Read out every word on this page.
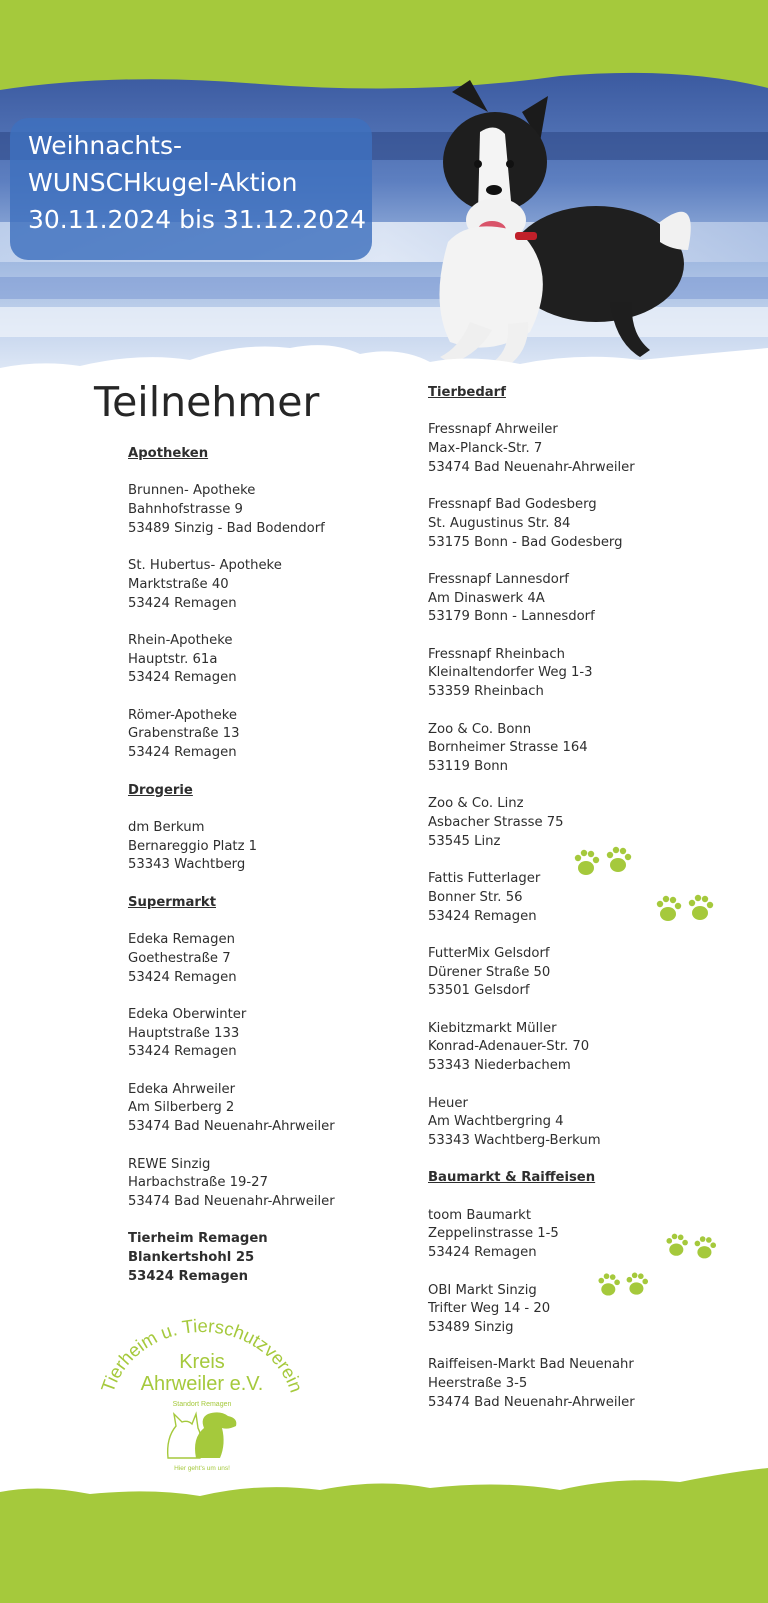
Weihnachts-
WUNSCHkugel-Aktion
30.11.2024 bis 31.12.2024
Teilnehmer
Apotheken
Brunnen- Apotheke
Bahnhofstrasse 9
53489 Sinzig - Bad Bodendorf
St. Hubertus- Apotheke
Marktstraße 40
53424 Remagen
Rhein-Apotheke
Hauptstr. 61a
53424 Remagen
Römer-Apotheke
Grabenstraße 13
53424 Remagen
Drogerie
dm Berkum
Bernareggio Platz 1
53343 Wachtberg
Supermarkt
Edeka Remagen
Goethestraße 7
53424 Remagen
Edeka Oberwinter
Hauptstraße 133
53424 Remagen
Edeka Ahrweiler
Am Silberberg 2
53474 Bad Neuenahr-Ahrweiler
REWE Sinzig
Harbachstraße 19-27
53474 Bad Neuenahr-Ahrweiler
Tierheim Remagen
Blankertshohl 25
53424 Remagen
Tierbedarf
Fressnapf Ahrweiler
Max-Planck-Str. 7
53474 Bad Neuenahr-Ahrweiler
Fressnapf Bad Godesberg
St. Augustinus Str. 84
53175 Bonn - Bad Godesberg
Fressnapf Lannesdorf
Am Dinaswerk 4A
53179 Bonn - Lannesdorf
Fressnapf Rheinbach
Kleinaltendorfer Weg 1-3
53359 Rheinbach
Zoo & Co. Bonn
Bornheimer Strasse 164
53119 Bonn
Zoo & Co. Linz
Asbacher Strasse 75
53545 Linz
Fattis Futterlager
Bonner Str. 56
53424 Remagen
FutterMix Gelsdorf
Dürener Straße 50
53501 Gelsdorf
Kiebitzmarkt Müller
Konrad-Adenauer-Str. 70
53343 Niederbachem
Heuer
Am Wachtbergring 4
53343 Wachtberg-Berkum
Baumarkt & Raiffeisen
toom Baumarkt
Zeppelinstrasse 1-5
53424 Remagen
OBI Markt Sinzig
Trifter Weg 14 - 20
53489 Sinzig
Raiffeisen-Markt Bad Neuenahr
Heerstraße 3-5
53474 Bad Neuenahr-Ahrweiler
Tierheim u. Tierschutzverein
Kreis
Ahrweiler e.V.
Standort Remagen
Hier geht's um uns!
